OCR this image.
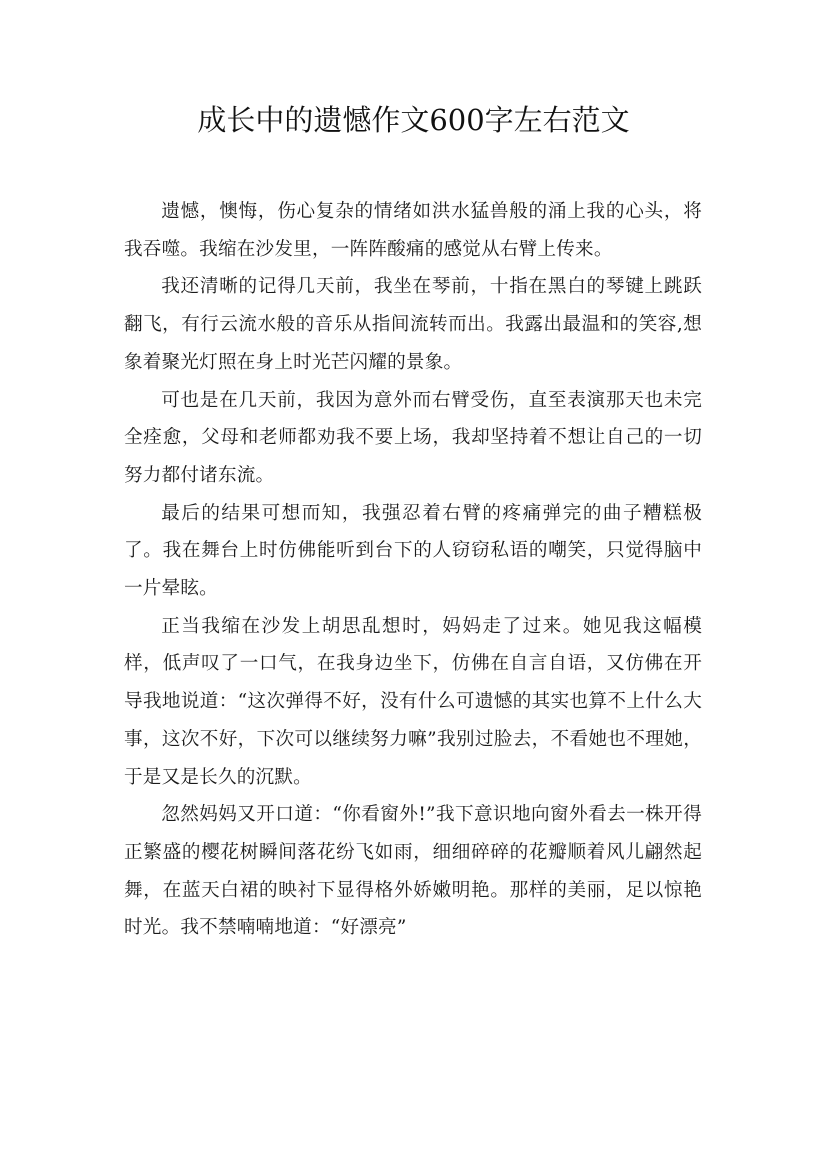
成长中的遗憾作文600字左右范文

遗憾，懊悔，伤心复杂的情绪如洪水猛兽般的涌上我的心头，将我吞噬。我缩在沙发里，一阵阵酸痛的感觉从右臂上传来。

我还清晰的记得几天前，我坐在琴前，十指在黑白的琴键上跳跃翻飞，有行云流水般的音乐从指间流转而出。我露出最温和的笑容,想象着聚光灯照在身上时光芒闪耀的景象。

可也是在几天前，我因为意外而右臂受伤，直至表演那天也未完全痊愈，父母和老师都劝我不要上场，我却坚持着不想让自己的一切努力都付诸东流。

最后的结果可想而知，我强忍着右臂的疼痛弹完的曲子糟糕极了。我在舞台上时仿佛能听到台下的人窃窃私语的嘲笑，只觉得脑中一片晕眩。

正当我缩在沙发上胡思乱想时，妈妈走了过来。她见我这幅模样，低声叹了一口气，在我身边坐下，仿佛在自言自语，又仿佛在开导我地说道：“这次弹得不好，没有什么可遗憾的其实也算不上什么大事，这次不好，下次可以继续努力嘛”我别过脸去，不看她也不理她，于是又是长久的沉默。

忽然妈妈又开口道：“你看窗外!”我下意识地向窗外看去一株开得正繁盛的樱花树瞬间落花纷飞如雨，细细碎碎的花瓣顺着风儿翩然起舞，在蓝天白裙的映衬下显得格外娇嫩明艳。那样的美丽，足以惊艳时光。我不禁喃喃地道：“好漂亮”
